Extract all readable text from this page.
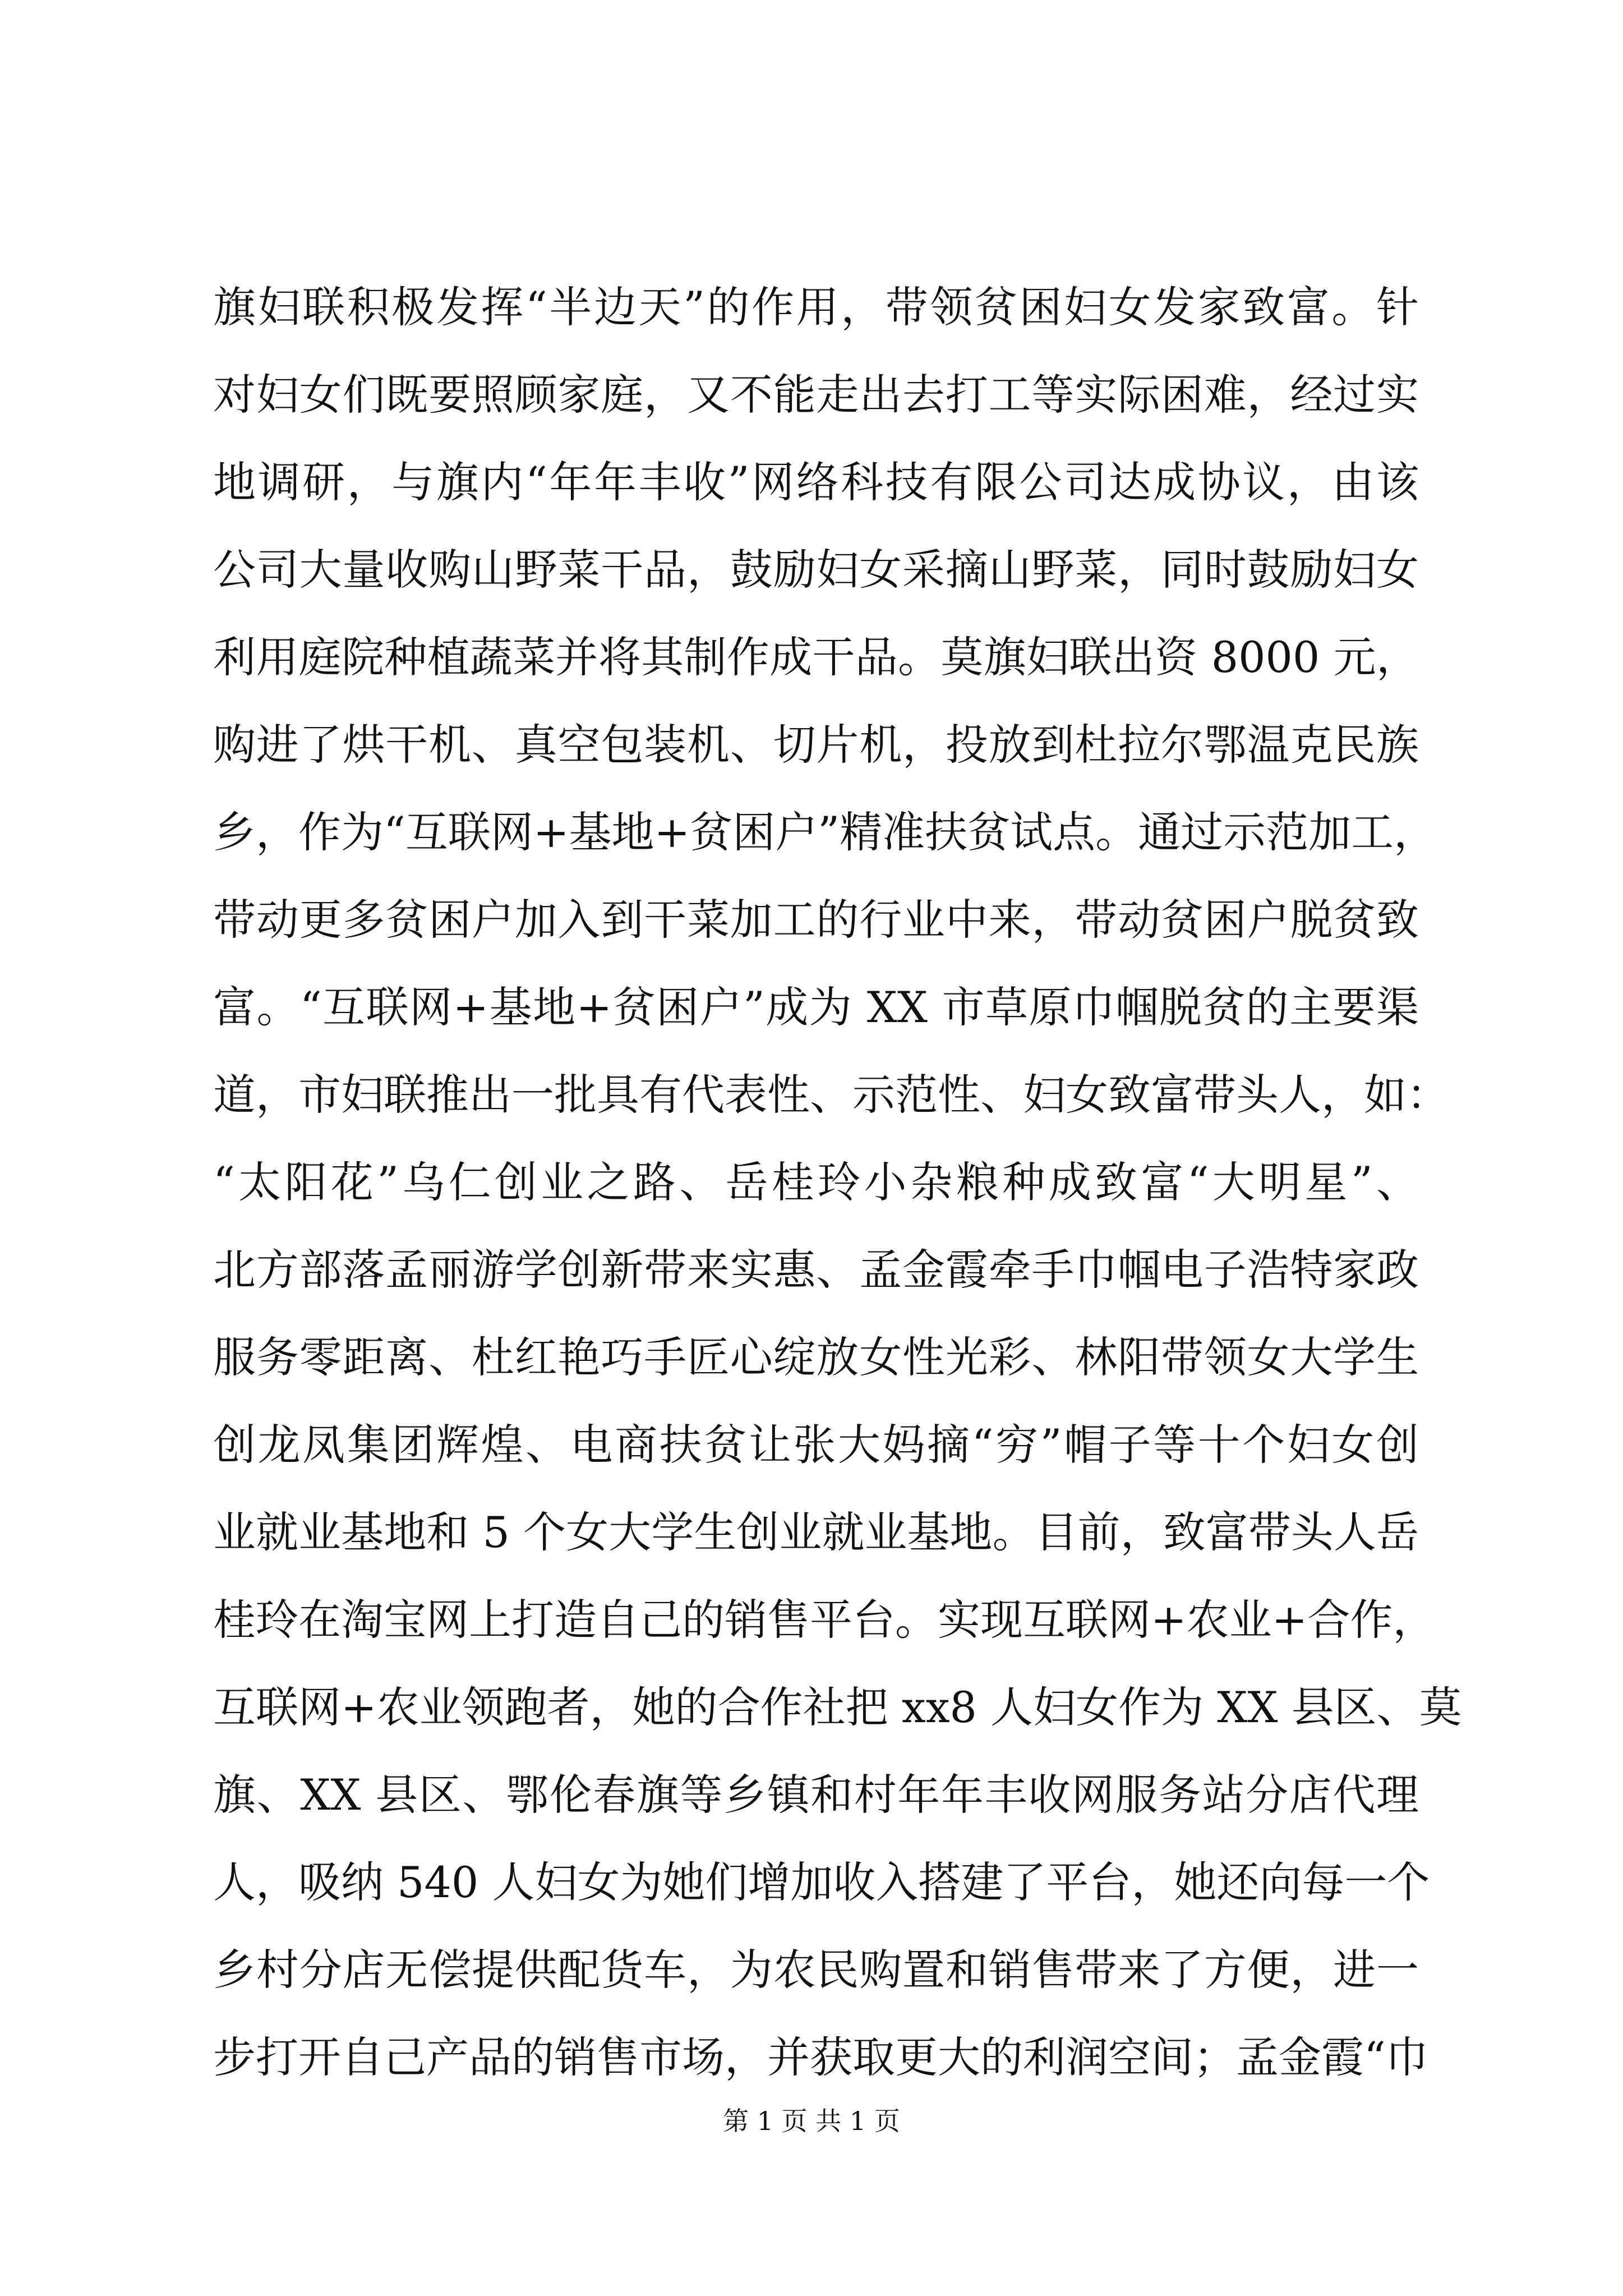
旗妇联积极发挥“半边天”的作用，带领贫困妇女发家致富。针
对妇女们既要照顾家庭，又不能走出去打工等实际困难，经过实
地调研，与旗内“年年丰收”网络科技有限公司达成协议，由该
公司大量收购山野菜干品，鼓励妇女采摘山野菜，同时鼓励妇女
利用庭院种植蔬菜并将其制作成干品。莫旗妇联出资 8000 元，
购进了烘干机、真空包装机、切片机，投放到杜拉尔鄂温克民族
乡，作为“互联网+基地+贫困户”精准扶贫试点。通过示范加工，
带动更多贫困户加入到干菜加工的行业中来，带动贫困户脱贫致
富。“互联网+基地+贫困户”成为 XX 市草原巾帼脱贫的主要渠
道，市妇联推出一批具有代表性、示范性、妇女致富带头人，如：
“太阳花”乌仁创业之路、岳桂玲小杂粮种成致富“大明星”、
北方部落孟丽游学创新带来实惠、孟金霞牵手巾帼电子浩特家政
服务零距离、杜红艳巧手匠心绽放女性光彩、林阳带领女大学生
创龙凤集团辉煌、电商扶贫让张大妈摘“穷”帽子等十个妇女创
业就业基地和 5 个女大学生创业就业基地。目前，致富带头人岳
桂玲在淘宝网上打造自己的销售平台。实现互联网+农业+合作，
互联网+农业领跑者，她的合作社把 xx8 人妇女作为 XX 县区、莫
旗、XX 县区、鄂伦春旗等乡镇和村年年丰收网服务站分店代理
人，吸纳 540 人妇女为她们增加收入搭建了平台，她还向每一个
乡村分店无偿提供配货车，为农民购置和销售带来了方便，进一
步打开自己产品的销售市场，并获取更大的利润空间；孟金霞“巾
第 1 页 共 1 页
